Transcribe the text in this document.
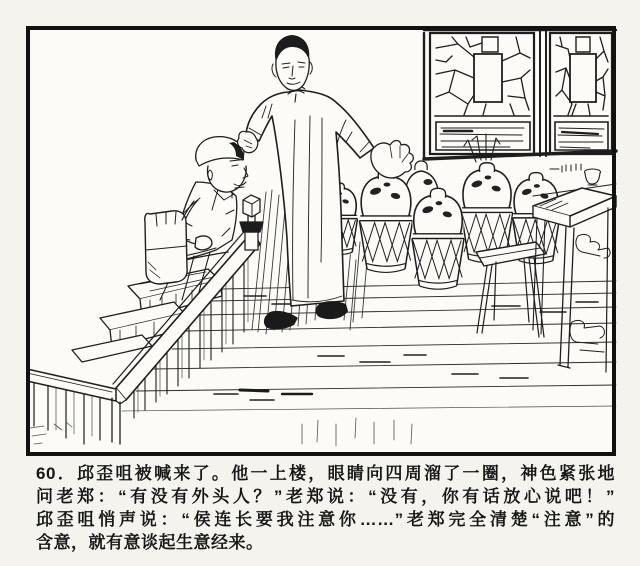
60．邱歪咀被喊来了。他一上楼，眼睛向四周溜了一圈，神色紧张地
问老郑：“有没有外头人？”老郑说：“没有，你有话放心说吧！”
邱歪咀悄声说：“侯连长要我注意你……”老郑完全清楚“注意”的
含意，就有意谈起生意经来。
